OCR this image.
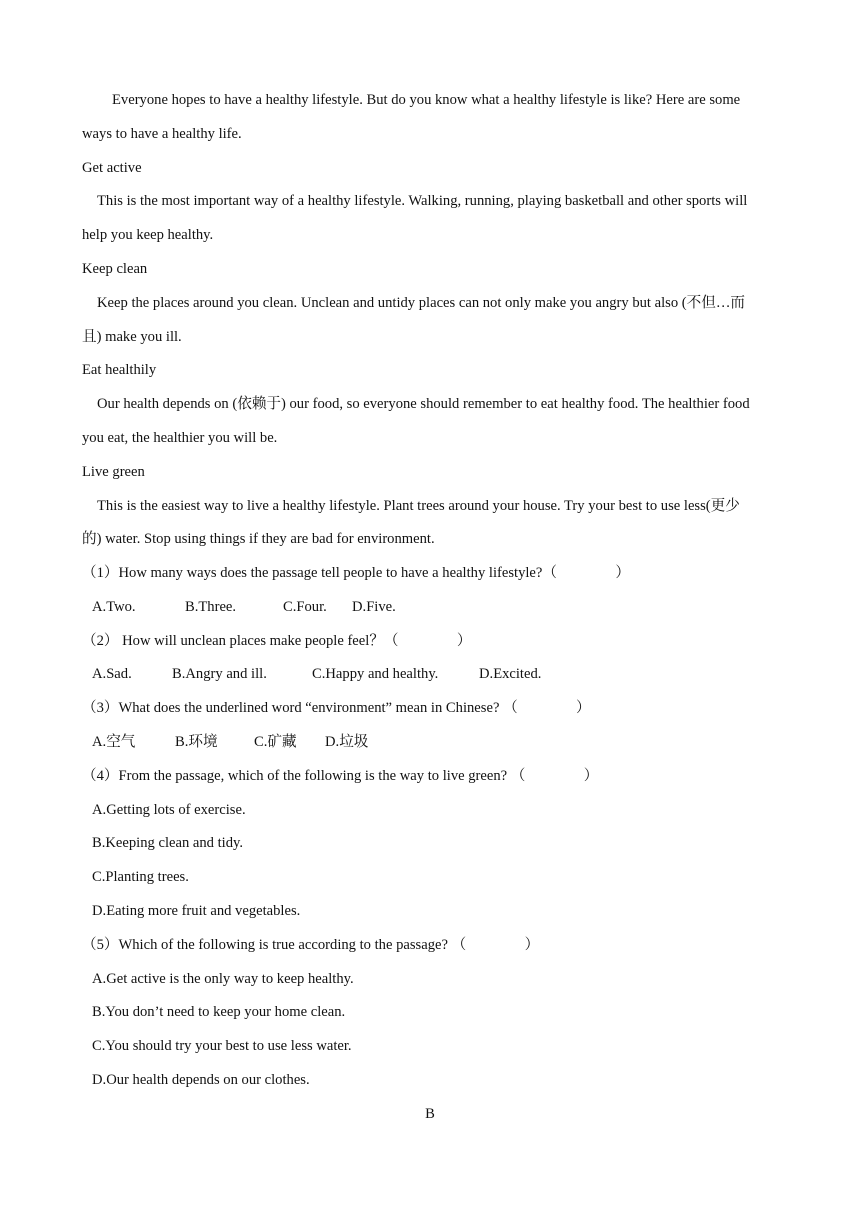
Everyone hopes to have a healthy lifestyle. But do you know what a healthy lifestyle is like? Here are some
ways to have a healthy life.
Get active
This is the most important way of a healthy lifestyle. Walking, running, playing basketball and other sports will
help you keep healthy.
Keep clean
Keep the places around you clean. Unclean and untidy places can not only make you angry but also (不但…而
且) make you ill.
Eat healthily
Our health depends on (依赖于) our food, so everyone should remember to eat healthy food. The healthier food
you eat, the healthier you will be.
Live green
This is the easiest way to live a healthy lifestyle. Plant trees around your house. Try your best to use less(更少
的) water. Stop using things if they are bad for environment.
（1）How many ways does the passage tell people to have a healthy lifestyle?（　　　　）
A.Two.	B.Three.	C.Four. D.Five.
（2） How will unclean places make people feel？（　　　　）
A.Sad.	B.Angry and ill.	C.Happy and healthy.	D.Excited.
（3）What does the underlined word “environment” mean in Chinese? （　　　　）
A.空气	B.环境 C.矿藏 D.垃圾
（4）From the passage, which of the following is the way to live green? （　　　　）
A.Getting lots of exercise.
B.Keeping clean and tidy.
C.Planting trees.
D.Eating more fruit and vegetables.
（5）Which of the following is true according to the passage? （　　　　）
A.Get active is the only way to keep healthy.
B.You don’t need to keep your home clean.
C.You should try your best to use less water.
D.Our health depends on our clothes.
B
